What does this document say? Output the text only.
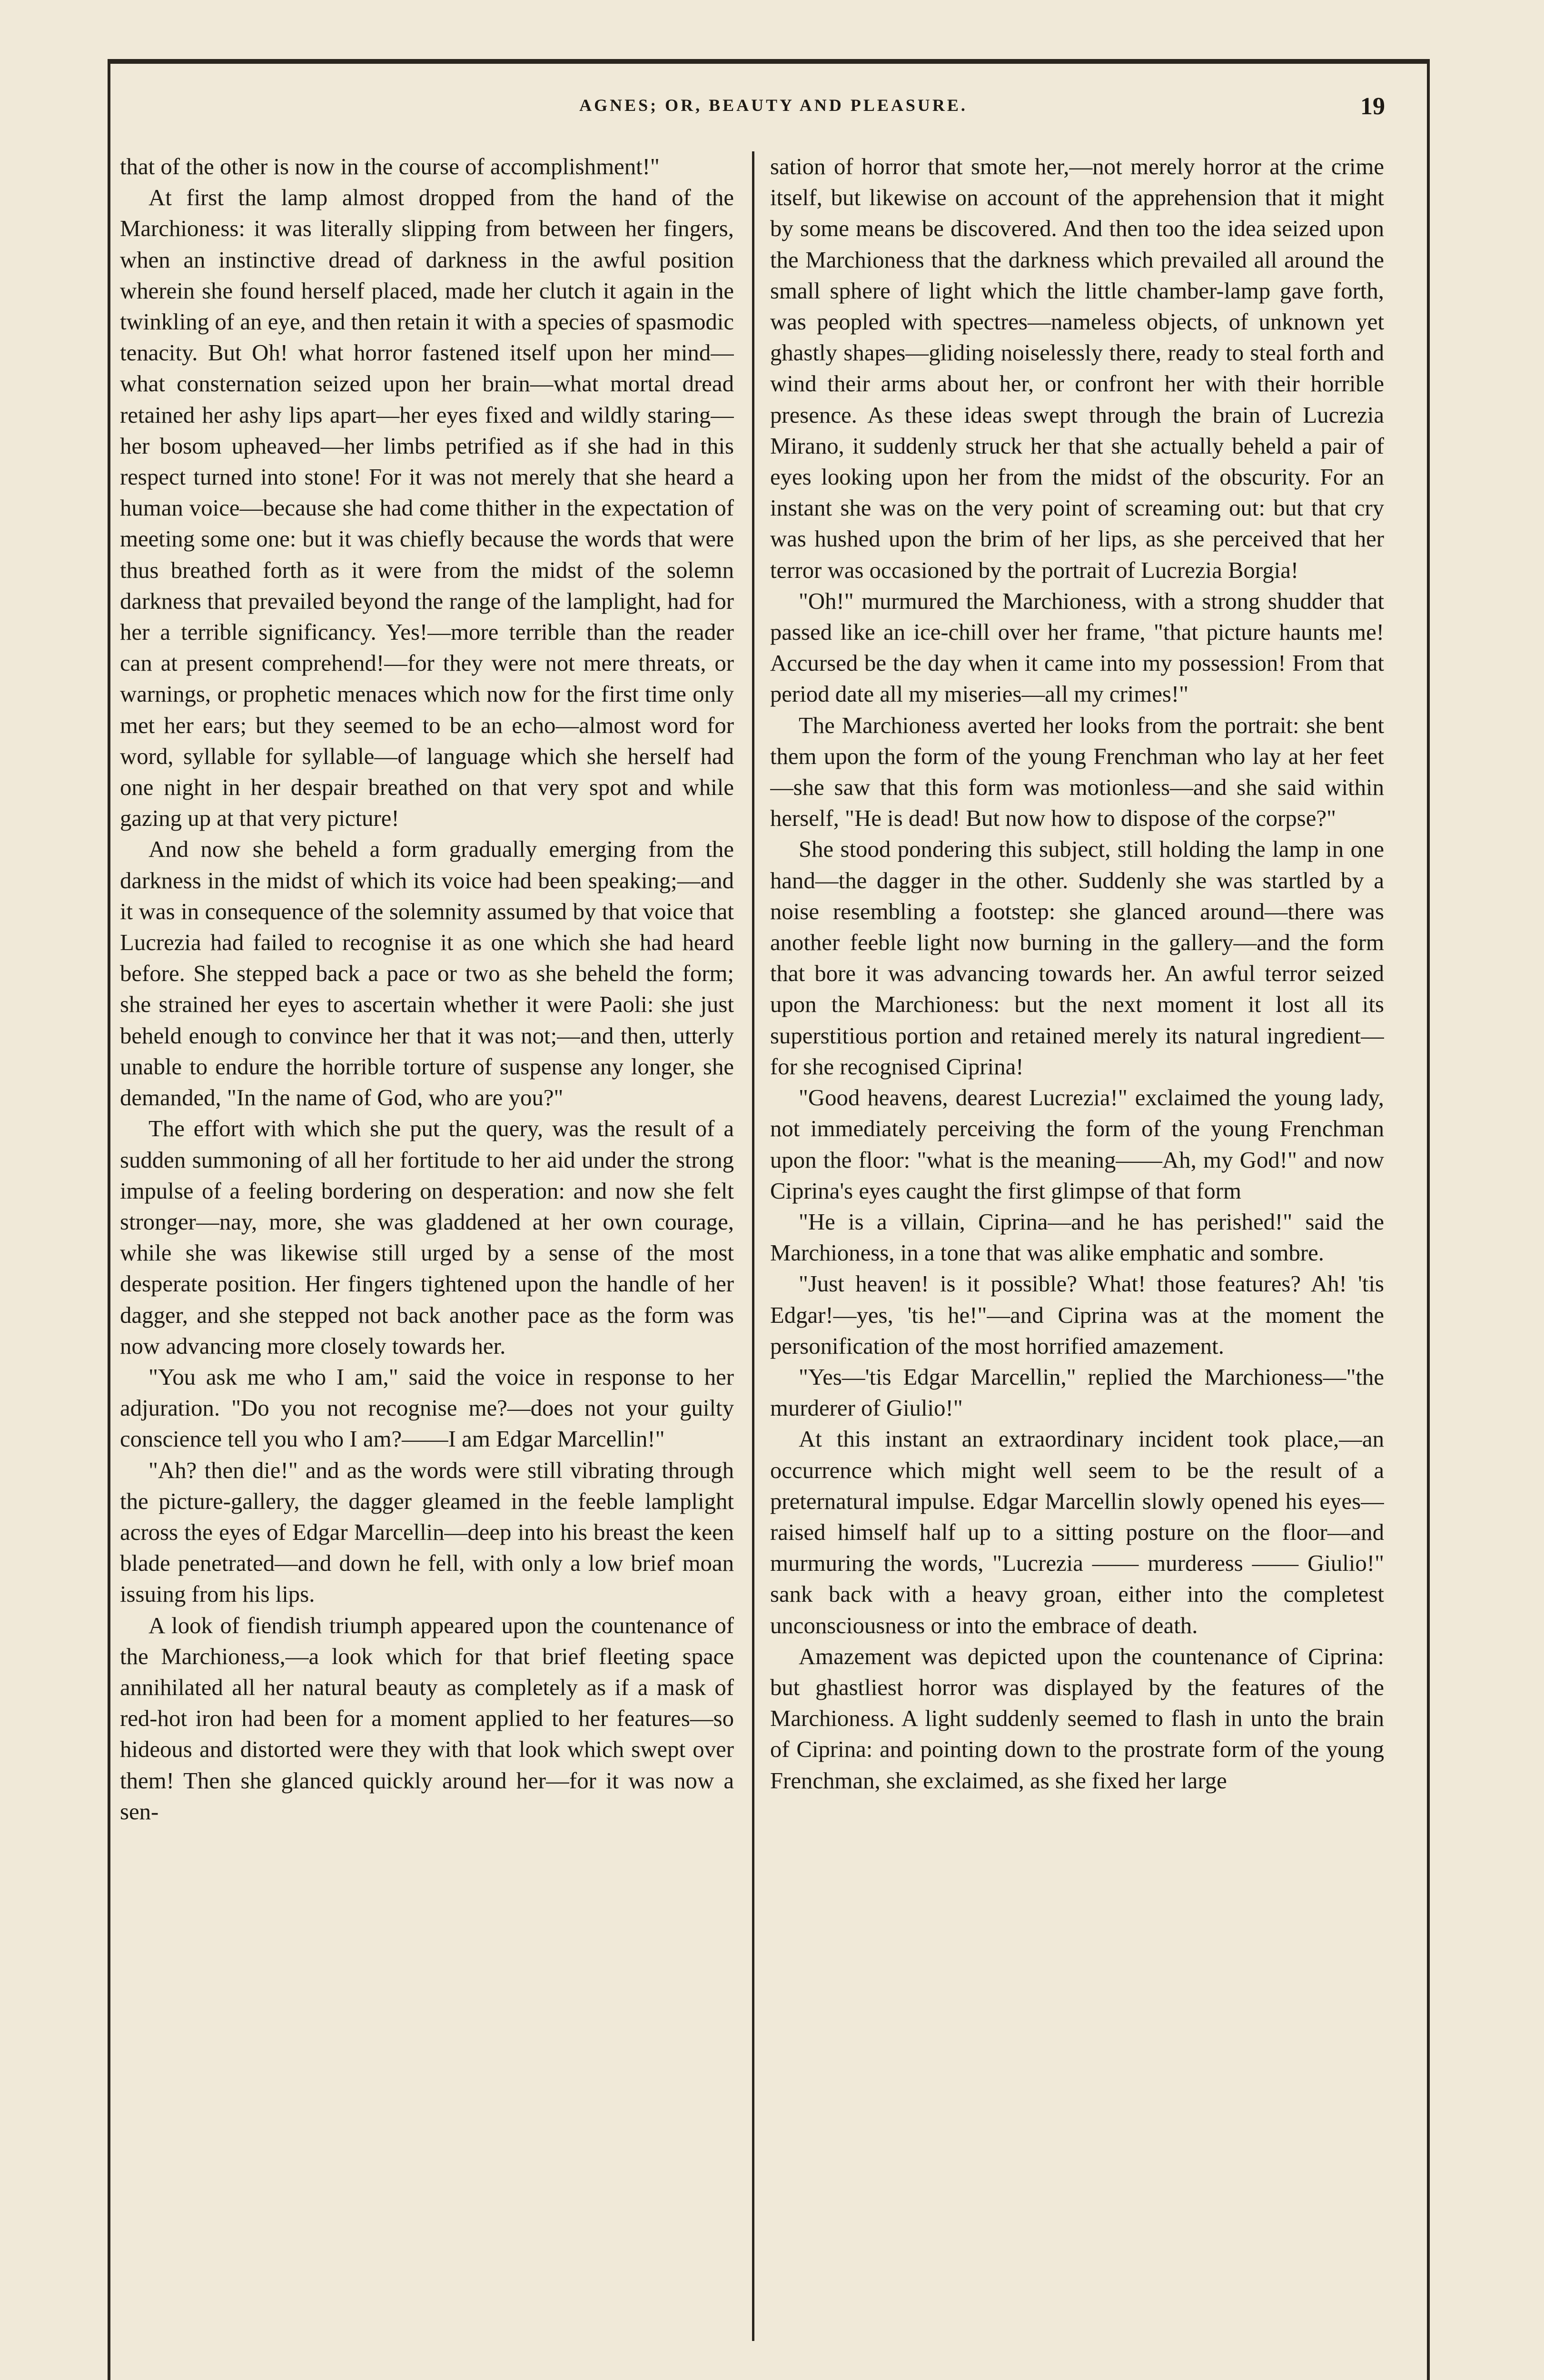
AGNES; OR, BEAUTY AND PLEASURE.	19

that of the other is now in the course of accomplishment!"

At first the lamp almost dropped from the hand of the Marchioness: it was literally slipping from between her fingers, when an instinctive dread of darkness in the awful position wherein she found herself placed, made her clutch it again in the twinkling of an eye, and then retain it with a species of spasmodic tenacity. But Oh! what horror fastened itself upon her mind—what consternation seized upon her brain—what mortal dread retained her ashy lips apart—her eyes fixed and wildly staring—her bosom upheaved—her limbs petrified as if she had in this respect turned into stone! For it was not merely that she heard a human voice—because she had come thither in the expectation of meeting some one: but it was chiefly because the words that were thus breathed forth as it were from the midst of the solemn darkness that prevailed beyond the range of the lamplight, had for her a terrible significancy. Yes!—more terrible than the reader can at present comprehend!—for they were not mere threats, or warnings, or prophetic menaces which now for the first time only met her ears; but they seemed to be an echo—almost word for word, syllable for syllable—of language which she herself had one night in her despair breathed on that very spot and while gazing up at that very picture!

And now she beheld a form gradually emerging from the darkness in the midst of which its voice had been speaking;—and it was in consequence of the solemnity assumed by that voice that Lucrezia had failed to recognise it as one which she had heard before. She stepped back a pace or two as she beheld the form; she strained her eyes to ascertain whether it were Paoli: she just beheld enough to convince her that it was not;—and then, utterly unable to endure the horrible torture of suspense any longer, she demanded, "In the name of God, who are you?"

The effort with which she put the query, was the result of a sudden summoning of all her fortitude to her aid under the strong impulse of a feeling bordering on desperation: and now she felt stronger—nay, more, she was gladdened at her own courage, while she was likewise still urged by a sense of the most desperate position. Her fingers tightened upon the handle of her dagger, and she stepped not back another pace as the form was now advancing more closely towards her.

"You ask me who I am," said the voice in response to her adjuration. "Do you not recognise me?—does not your guilty conscience tell you who I am?——I am Edgar Marcellin!"

"Ah? then die!" and as the words were still vibrating through the picture-gallery, the dagger gleamed in the feeble lamplight across the eyes of Edgar Marcellin—deep into his breast the keen blade penetrated—and down he fell, with only a low brief moan issuing from his lips.

A look of fiendish triumph appeared upon the countenance of the Marchioness,—a look which for that brief fleeting space annihilated all her natural beauty as completely as if a mask of red-hot iron had been for a moment applied to her features—so hideous and distorted were they with that look which swept over them! Then she glanced quickly around her—for it was now a sen-

sation of horror that smote her,—not merely horror at the crime itself, but likewise on account of the apprehension that it might by some means be discovered. And then too the idea seized upon the Marchioness that the darkness which prevailed all around the small sphere of light which the little chamber-lamp gave forth, was peopled with spectres—nameless objects, of unknown yet ghastly shapes—gliding noiselessly there, ready to steal forth and wind their arms about her, or confront her with their horrible presence. As these ideas swept through the brain of Lucrezia Mirano, it suddenly struck her that she actually beheld a pair of eyes looking upon her from the midst of the obscurity. For an instant she was on the very point of screaming out: but that cry was hushed upon the brim of her lips, as she perceived that her terror was occasioned by the portrait of Lucrezia Borgia!

"Oh!" murmured the Marchioness, with a strong shudder that passed like an ice-chill over her frame, "that picture haunts me! Accursed be the day when it came into my possession! From that period date all my miseries—all my crimes!"

The Marchioness averted her looks from the portrait: she bent them upon the form of the young Frenchman who lay at her feet—she saw that this form was motionless—and she said within herself, "He is dead! But now how to dispose of the corpse?"

She stood pondering this subject, still holding the lamp in one hand—the dagger in the other. Suddenly she was startled by a noise resembling a footstep: she glanced around—there was another feeble light now burning in the gallery—and the form that bore it was advancing towards her. An awful terror seized upon the Marchioness: but the next moment it lost all its superstitious portion and retained merely its natural ingredient—for she recognised Ciprina!

"Good heavens, dearest Lucrezia!" exclaimed the young lady, not immediately perceiving the form of the young Frenchman upon the floor: "what is the meaning——Ah, my God!" and now Ciprina's eyes caught the first glimpse of that form

"He is a villain, Ciprina—and he has perished!" said the Marchioness, in a tone that was alike emphatic and sombre.

"Just heaven! is it possible? What! those features? Ah! 'tis Edgar!—yes, 'tis he!"—and Ciprina was at the moment the personification of the most horrified amazement.

"Yes—'tis Edgar Marcellin," replied the Marchioness—"the murderer of Giulio!"

At this instant an extraordinary incident took place,—an occurrence which might well seem to be the result of a preternatural impulse. Edgar Marcellin slowly opened his eyes—raised himself half up to a sitting posture on the floor—and murmuring the words, "Lucrezia —— murderess —— Giulio!" sank back with a heavy groan, either into the completest unconsciousness or into the embrace of death.

Amazement was depicted upon the countenance of Ciprina: but ghastliest horror was displayed by the features of the Marchioness. A light suddenly seemed to flash in unto the brain of Ciprina: and pointing down to the prostrate form of the young Frenchman, she exclaimed, as she fixed her large
